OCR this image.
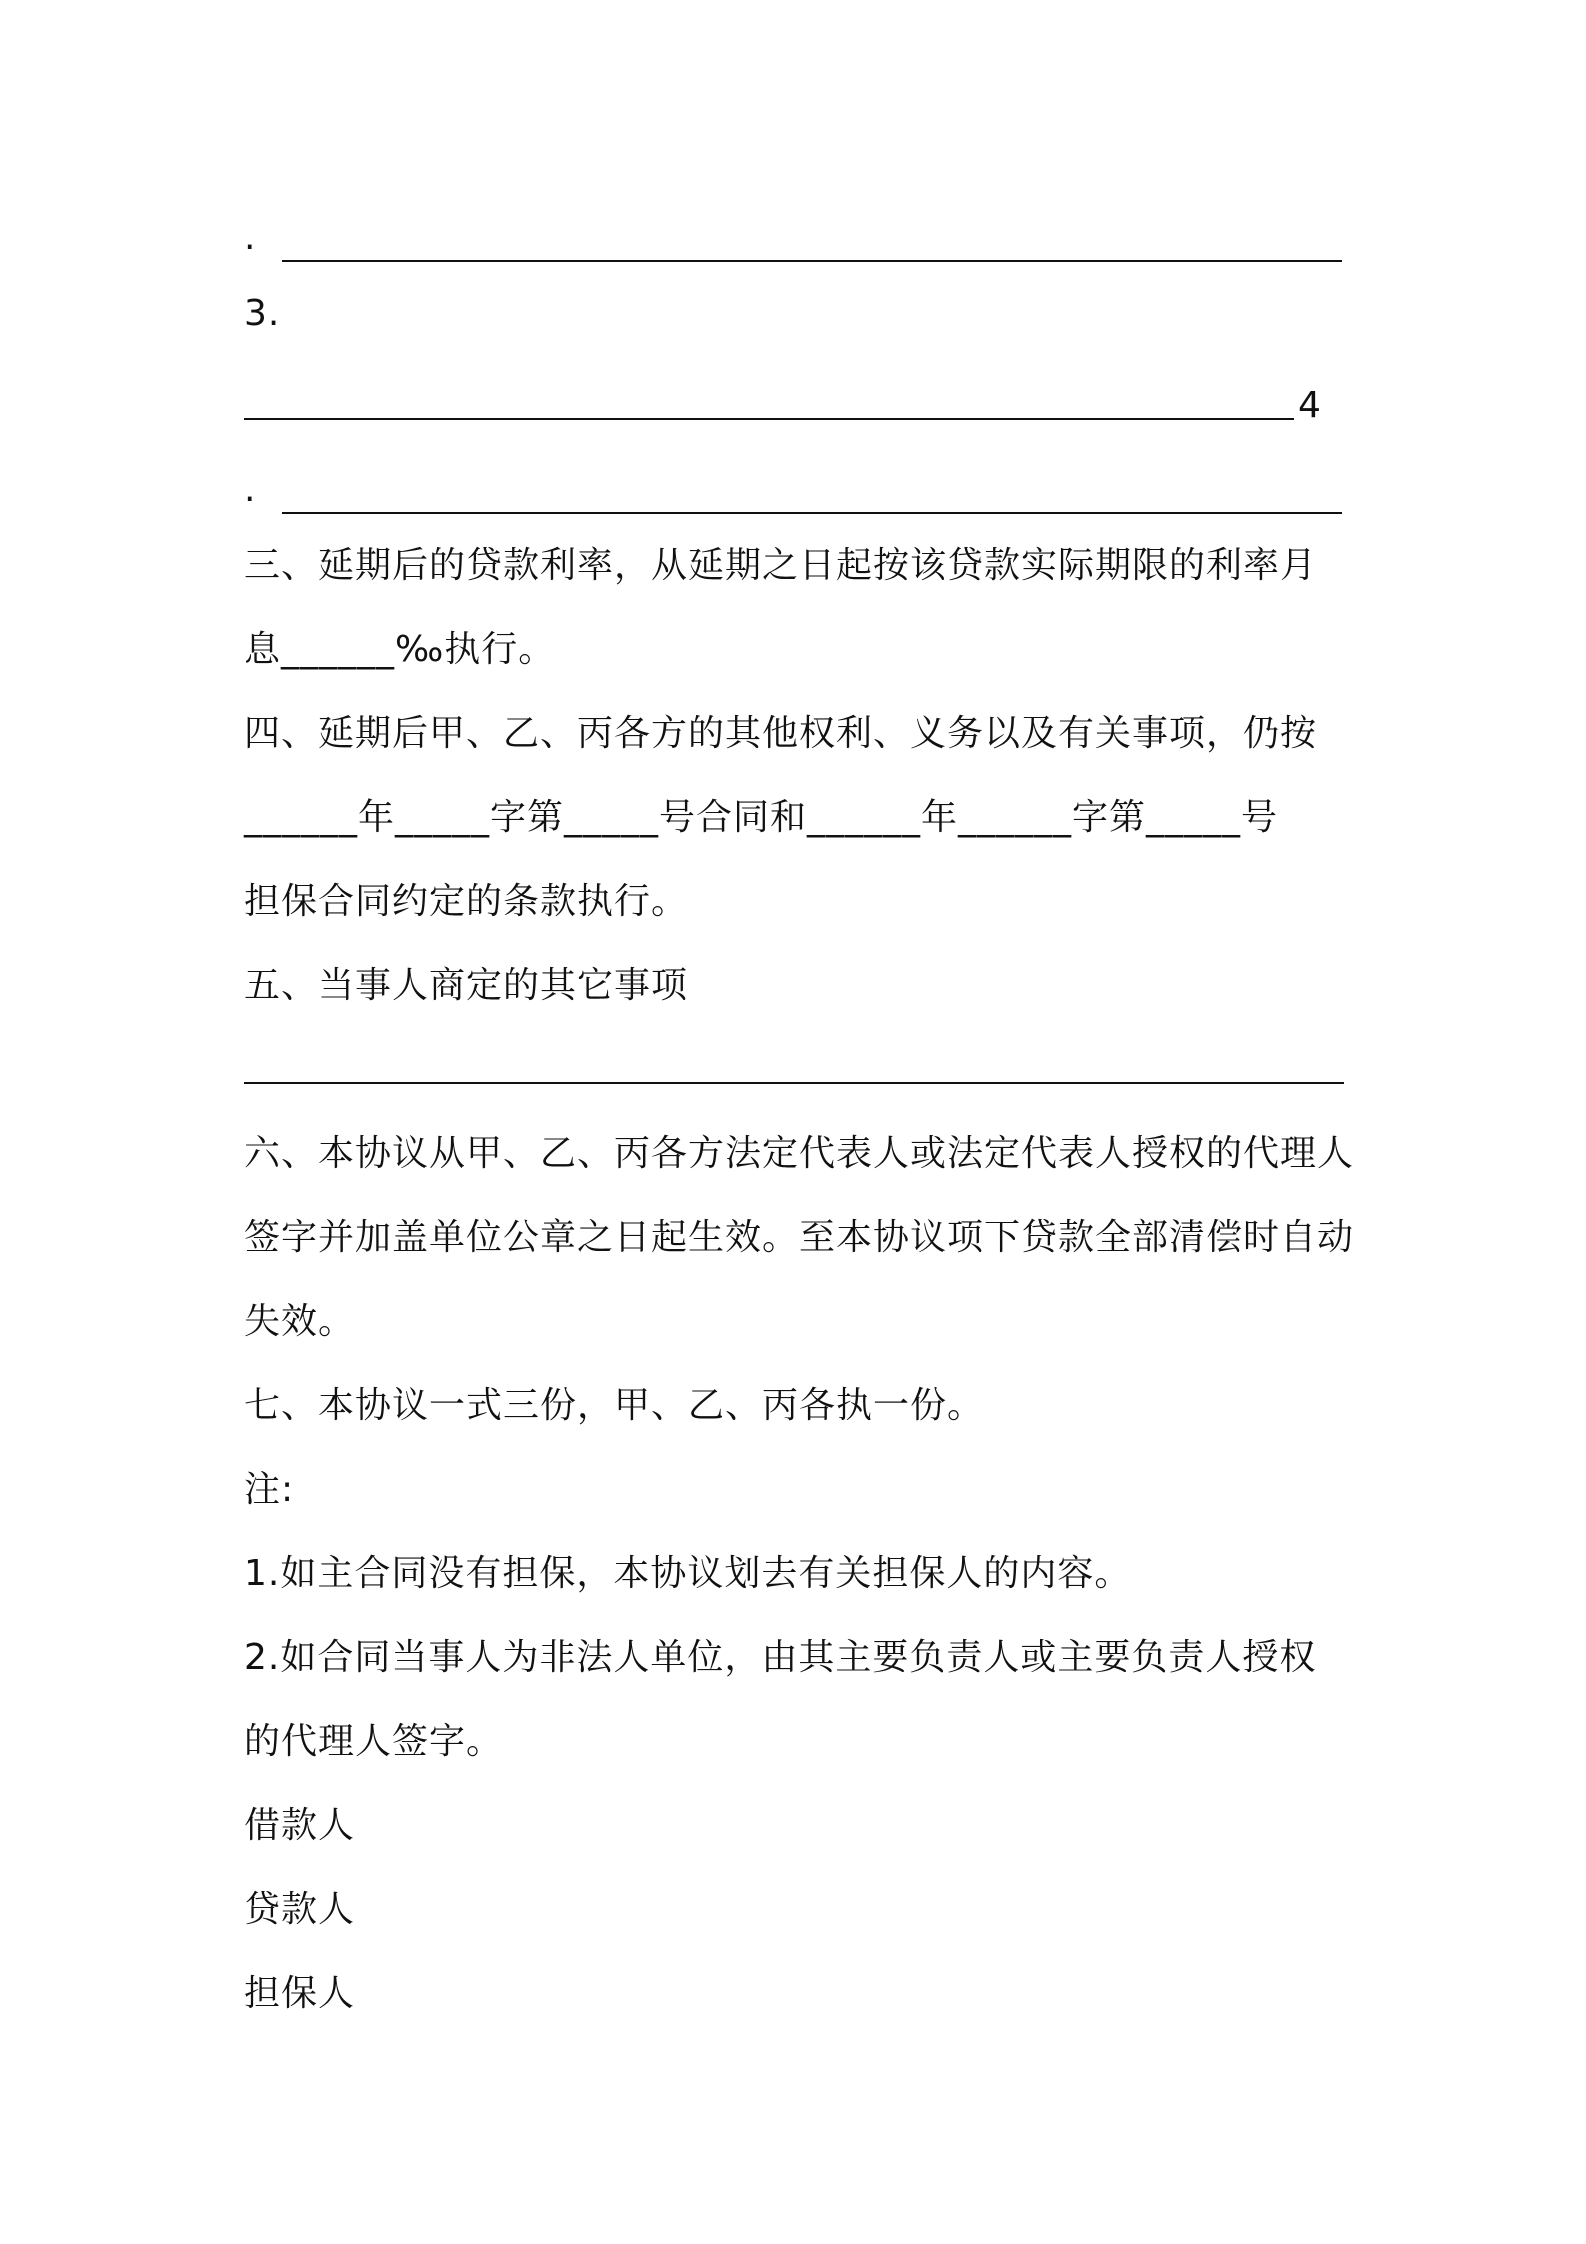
·
3.
4
·
三、延期后的贷款利率，从延期之日起按该贷款实际期限的利率月
息______‰执行。
四、延期后甲、乙、丙各方的其他权利、义务以及有关事项，仍按
______年_____字第_____号合同和______年______字第_____号
担保合同约定的条款执行。
五、当事人商定的其它事项
六、本协议从甲、乙、丙各方法定代表人或法定代表人授权的代理人
签字并加盖单位公章之日起生效。至本协议项下贷款全部清偿时自动
失效。
七、本协议一式三份，甲、乙、丙各执一份。
注:
1.如主合同没有担保，本协议划去有关担保人的内容。
2.如合同当事人为非法人单位，由其主要负责人或主要负责人授权
的代理人签字。
借款人
贷款人
担保人
